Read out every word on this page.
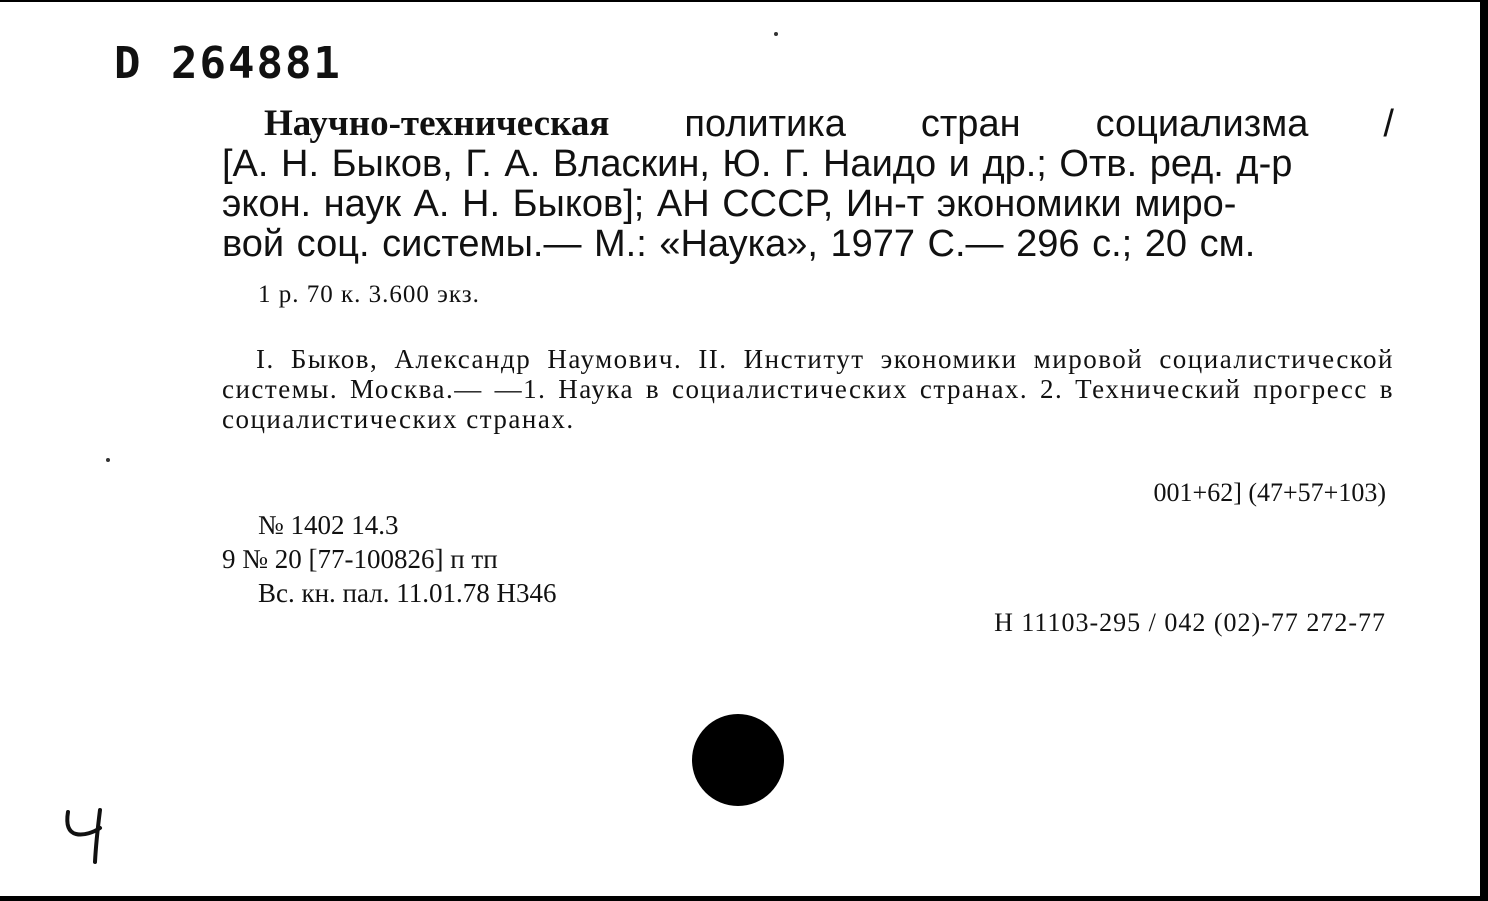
D 264881
Научно-техническая политика стран социализма /
[А. Н. Быков, Г. А. Власкин, Ю. Г. Наидо и др.; Отв. ред. д-р
экон. наук А. Н. Быков]; АН СССР, Ин-т экономики миро-
вой соц. системы.— М.: «Наука», 1977 С.— 296 с.; 20 см.
1 р. 70 к. 3.600 экз.
I. Быков, Александр Наумович. II. Институт экономики мировой социалистической системы. Москва.— —1. Наука в социалистических странах. 2. Технический прогресс в социалистических странах.
001+62] (47+57+103)
№ 1402 14.3
9 № 20 [77-100826] п тп
Вс. кн. пал. 11.01.78 Н346
Н 11103-295 / 042 (02)-77 272-77
